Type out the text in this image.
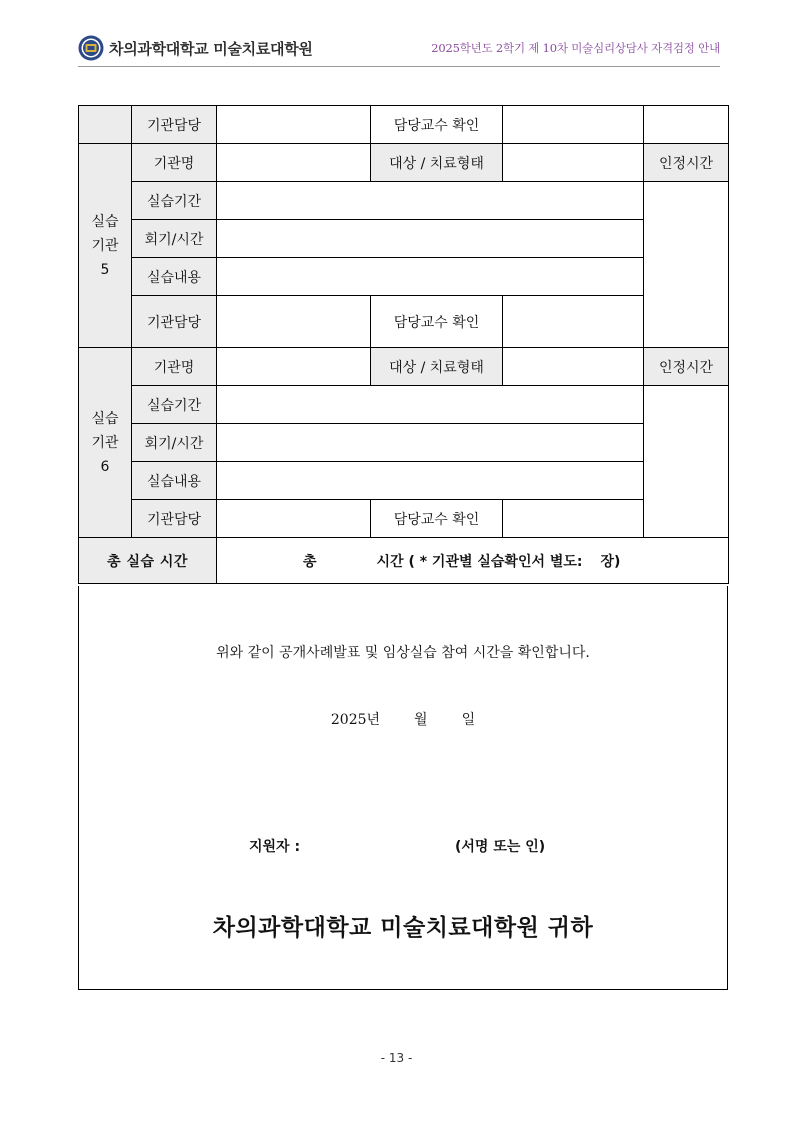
차의과학대학교 미술치료대학원	2025학년도 2학기 제 10차 미술심리상담사 자격검정 안내
	기관담당		담당교수 확인		

실습
기관
5	기관명		대상 / 치료형태		인정시간
	실습기간				
	회기/시간				
	실습내용				
	기관담당		담당교수 확인		

실습
기관
6	기관명		대상 / 치료형태		인정시간
	실습기간				
	회기/시간				
	실습내용				
	기관담당		담당교수 확인		
총 실습 시간		총 시간 ( * 기관별 실습확인서 별도: 장)			
위와 같이 공개사례발표 및 임상실습 참여 시간을 확인합니다.
2025년 월 일
지원자 :	(서명 또는 인)
차의과학대학교 미술치료대학원 귀하
- 13 -
